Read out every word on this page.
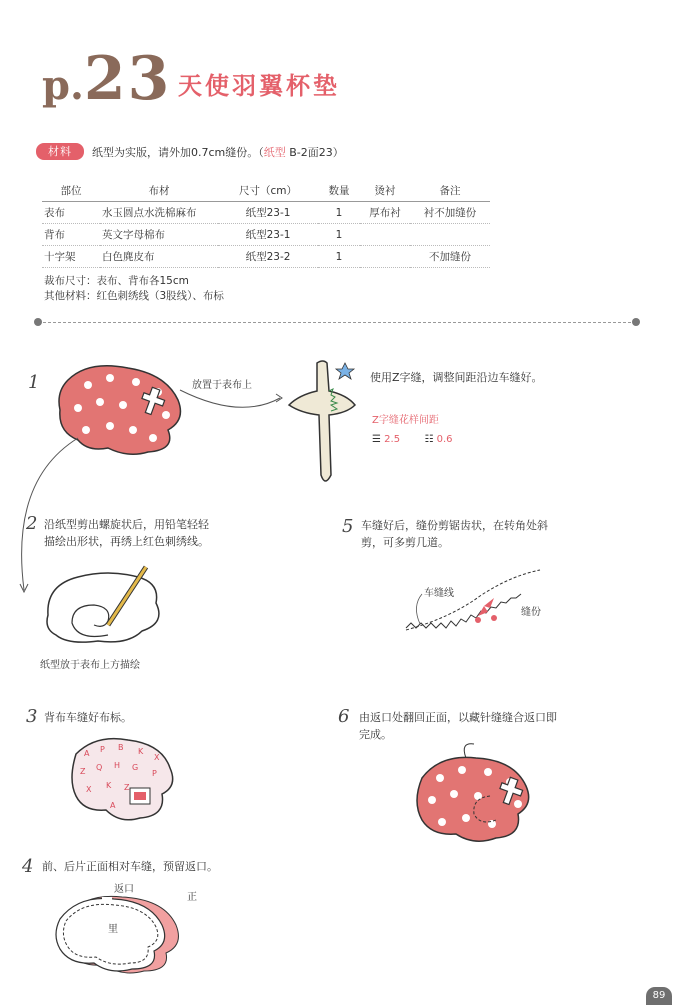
p.23 天使羽翼杯垫
材料	纸型为实版，请外加0.7cm缝份。（纸型 B-2面23）
部位	布材	尺寸（cm）	数量	烫衬	备注
表布	水玉圆点水洗棉麻布	纸型23-1	1	厚布衬	衬不加缝份
背布	英文字母棉布	纸型23-1	1		
十字架	白色麂皮布	纸型23-2	1		不加缝份
裁布尺寸：表布、背布各15cm
其他材料：红色刺绣线（3股线）、布标
1	放置于表布上
使用Z字缝，调整间距沿边车缝好。
Z字缝花样间距
☰ 2.5 ☷ 0.6
2 沿纸型剪出螺旋状后，用铅笔轻轻
描绘出形状，再绣上红色刺绣线。
纸型放于表布上方描绘
5 车缝好后，缝份剪锯齿状，在转角处斜
剪，可多剪几道。
车缝线
缝份
3 背布车缝好布标。
A P B K
X
Z Q H G
P
X K Z
A
6 由返口处翻回正面，以藏针缝缝合返口即
完成。
4 前、后片正面相对车缝，预留返口。
返口
正
里
89
